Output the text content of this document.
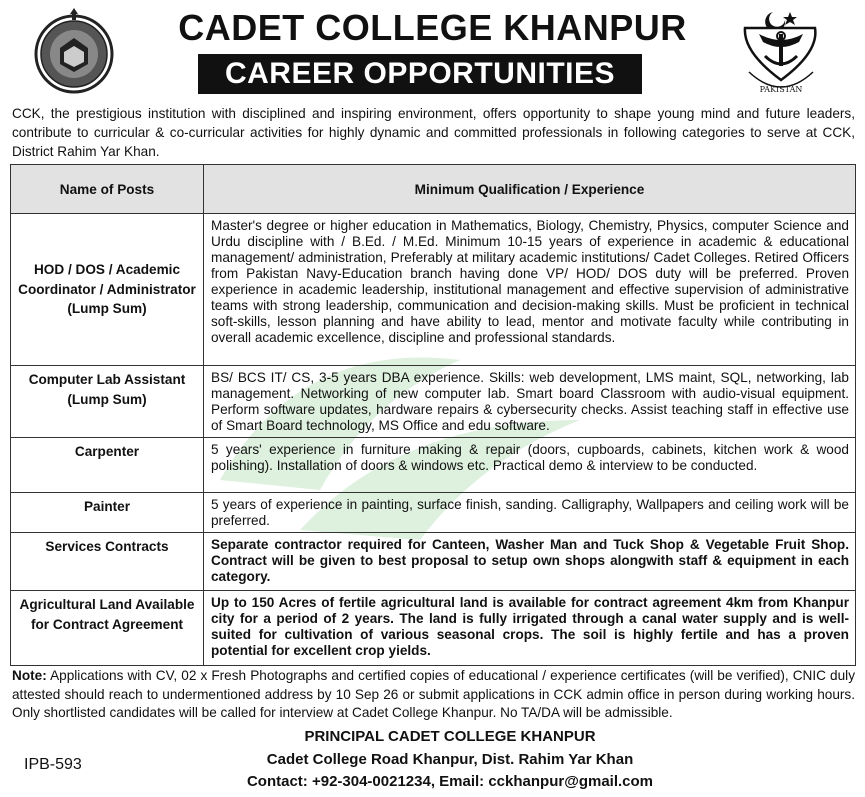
PAKISTAN
CADET COLLEGE KHANPUR
CAREER OPPORTUNITIES
CCK, the prestigious institution with disciplined and inspiring environment, offers opportunity to shape young mind and future leaders, contribute to curricular & co-curricular activities for highly dynamic and committed professionals in following categories to serve at CCK, District Rahim Yar Khan.
Name of Posts	Minimum Qualification / Experience
HOD / DOS / Academic Coordinator / Administrator (Lump Sum)	Master's degree or higher education in Mathematics, Biology, Chemistry, Physics, computer Science and Urdu discipline with / B.Ed. / M.Ed. Minimum 10-15 years of experience in academic & educational management/ administration, Preferably at military academic institutions/ Cadet Colleges. Retired Officers from Pakistan Navy-Education branch having done VP/ HOD/ DOS duty will be preferred. Proven experience in academic leadership, institutional management and effective supervision of administrative teams with strong leadership, communication and decision-making skills. Must be proficient in technical soft-skills, lesson planning and have ability to lead, mentor and motivate faculty while contributing in overall academic excellence, discipline and professional standards.
Computer Lab Assistant (Lump Sum)	BS/ BCS IT/ CS, 3-5 years DBA experience. Skills: web development, LMS maint, SQL, networking, lab management. Networking of new computer lab. Smart board Classroom with audio-visual equipment. Perform software updates, hardware repairs & cybersecurity checks. Assist teaching staff in effective use of Smart Board technology, MS Office and edu software.
Carpenter	5 years' experience in furniture making & repair (doors, cupboards, cabinets, kitchen work & wood polishing). Installation of doors & windows etc. Practical demo & interview to be conducted.
Painter	5 years of experience in painting, surface finish, sanding. Calligraphy, Wallpapers and ceiling work will be preferred.
Services Contracts	Separate contractor required for Canteen, Washer Man and Tuck Shop & Vegetable Fruit Shop. Contract will be given to best proposal to setup own shops alongwith staff & equipment in each category.
Agricultural Land Available for Contract Agreement	Up to 150 Acres of fertile agricultural land is available for contract agreement 4km from Khanpur city for a period of 2 years. The land is fully irrigated through a canal water supply and is well-suited for cultivation of various seasonal crops. The soil is highly fertile and has a proven potential for excellent crop yields.
Note: Applications with CV, 02 x Fresh Photographs and certified copies of educational / experience certificates (will be verified), CNIC duly attested should reach to undermentioned address by 10 Sep 26 or submit applications in CCK admin office in person during working hours. Only shortlisted candidates will be called for interview at Cadet College Khanpur. No TA/DA will be admissible.
IPB-593
PRINCIPAL CADET COLLEGE KHANPUR
Cadet College Road Khanpur, Dist. Rahim Yar Khan
Contact: +92-304-0021234, Email: cckhanpur@gmail.com
